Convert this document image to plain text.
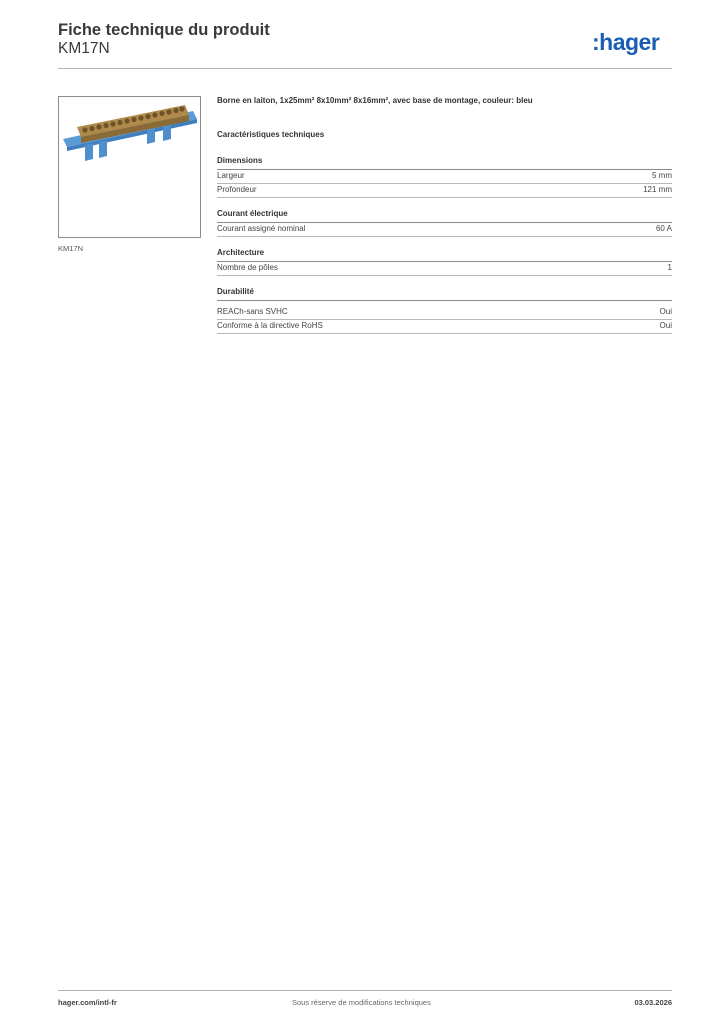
Fiche technique du produit
KM17N	:hager
KM17N
Borne en laiton, 1x25mm² 8x10mm² 8x16mm², avec base de montage, couleur: bleu
Caractéristiques techniques
Dimensions
Largeur	5 mm
Profondeur	121 mm
Courant électrique
Courant assigné nominal	60 A
Architecture
Nombre de pôles	1
Durabilité
REACh-sans SVHC	Oui
Conforme à la directive RoHS	Oui
hager.com/intl-fr	Sous réserve de modifications techniques	03.03.2026
